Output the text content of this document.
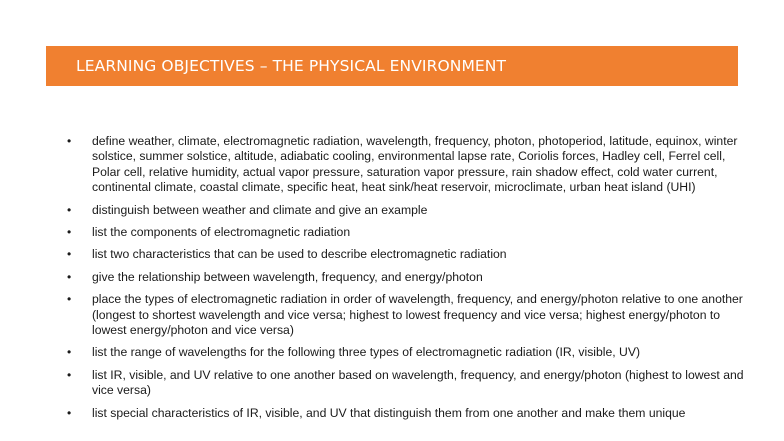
LEARNING OBJECTIVES – THE PHYSICAL ENVIRONMENT
• define weather, climate, electromagnetic radiation, wavelength, frequency, photon, photoperiod, latitude, equinox, winter solstice, summer solstice, altitude, adiabatic cooling, environmental lapse rate, Coriolis forces, Hadley cell, Ferrel cell, Polar cell, relative humidity, actual vapor pressure, saturation vapor pressure, rain shadow effect, cold water current, continental climate, coastal climate, specific heat, heat sink/heat reservoir, microclimate, urban heat island (UHI)
• distinguish between weather and climate and give an example
• list the components of electromagnetic radiation
• list two characteristics that can be used to describe electromagnetic radiation
• give the relationship between wavelength, frequency, and energy/photon
• place the types of electromagnetic radiation in order of wavelength, frequency, and energy/photon relative to one another (longest to shortest wavelength and vice versa; highest to lowest frequency and vice versa; highest energy/photon to lowest energy/photon and vice versa)
• list the range of wavelengths for the following three types of electromagnetic radiation (IR, visible, UV)
• list IR, visible, and UV relative to one another based on wavelength, frequency, and energy/photon (highest to lowest and vice versa)
• list special characteristics of IR, visible, and UV that distinguish them from one another and make them unique
